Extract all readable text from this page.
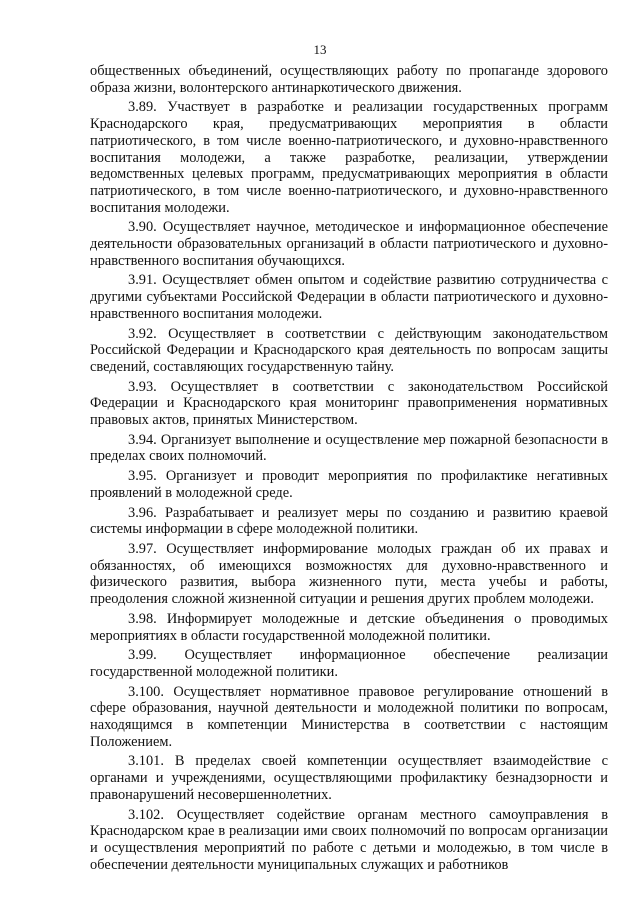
13

общественных объединений, осуществляющих работу по пропаганде здорового образа жизни, волонтерского антинаркотического движения.

3.89. Участвует в разработке и реализации государственных программ Краснодарского края, предусматривающих мероприятия в области патриотического, в том числе военно-патриотического, и духовно-нравственного воспитания молодежи, а также разработке, реализации, утверждении ведомственных целевых программ, предусматривающих мероприятия в области патриотического, в том числе военно-патриотического, и духовно-нравственного воспитания молодежи.

3.90. Осуществляет научное, методическое и информационное обеспечение деятельности образовательных организаций в области патриотического и духовно-нравственного воспитания обучающихся.

3.91. Осуществляет обмен опытом и содействие развитию сотрудничества с другими субъектами Российской Федерации в области патриотического и духовно-нравственного воспитания молодежи.

3.92. Осуществляет в соответствии с действующим законодательством Российской Федерации и Краснодарского края деятельность по вопросам защиты сведений, составляющих государственную тайну.

3.93. Осуществляет в соответствии с законодательством Российской Федерации и Краснодарского края мониторинг правоприменения нормативных правовых актов, принятых Министерством.

3.94. Организует выполнение и осуществление мер пожарной безопасности в пределах своих полномочий.

3.95. Организует и проводит мероприятия по профилактике негативных проявлений в молодежной среде.

3.96. Разрабатывает и реализует меры по созданию и развитию краевой системы информации в сфере молодежной политики.

3.97. Осуществляет информирование молодых граждан об их правах и обязанностях, об имеющихся возможностях для духовно-нравственного и физического развития, выбора жизненного пути, места учебы и работы, преодоления сложной жизненной ситуации и решения других проблем молодежи.

3.98. Информирует молодежные и детские объединения о проводимых мероприятиях в области государственной молодежной политики.

3.99. Осуществляет информационное обеспечение реализации государственной молодежной политики.

3.100. Осуществляет нормативное правовое регулирование отношений в сфере образования, научной деятельности и молодежной политики по вопросам, находящимся в компетенции Министерства в соответствии с настоящим Положением.

3.101. В пределах своей компетенции осуществляет взаимодействие с органами и учреждениями, осуществляющими профилактику безнадзорности и правонарушений несовершеннолетних.

3.102. Осуществляет содействие органам местного самоуправления в Краснодарском крае в реализации ими своих полномочий по вопросам организации и осуществления мероприятий по работе с детьми и молодежью, в том числе в обеспечении деятельности муниципальных служащих и работников
